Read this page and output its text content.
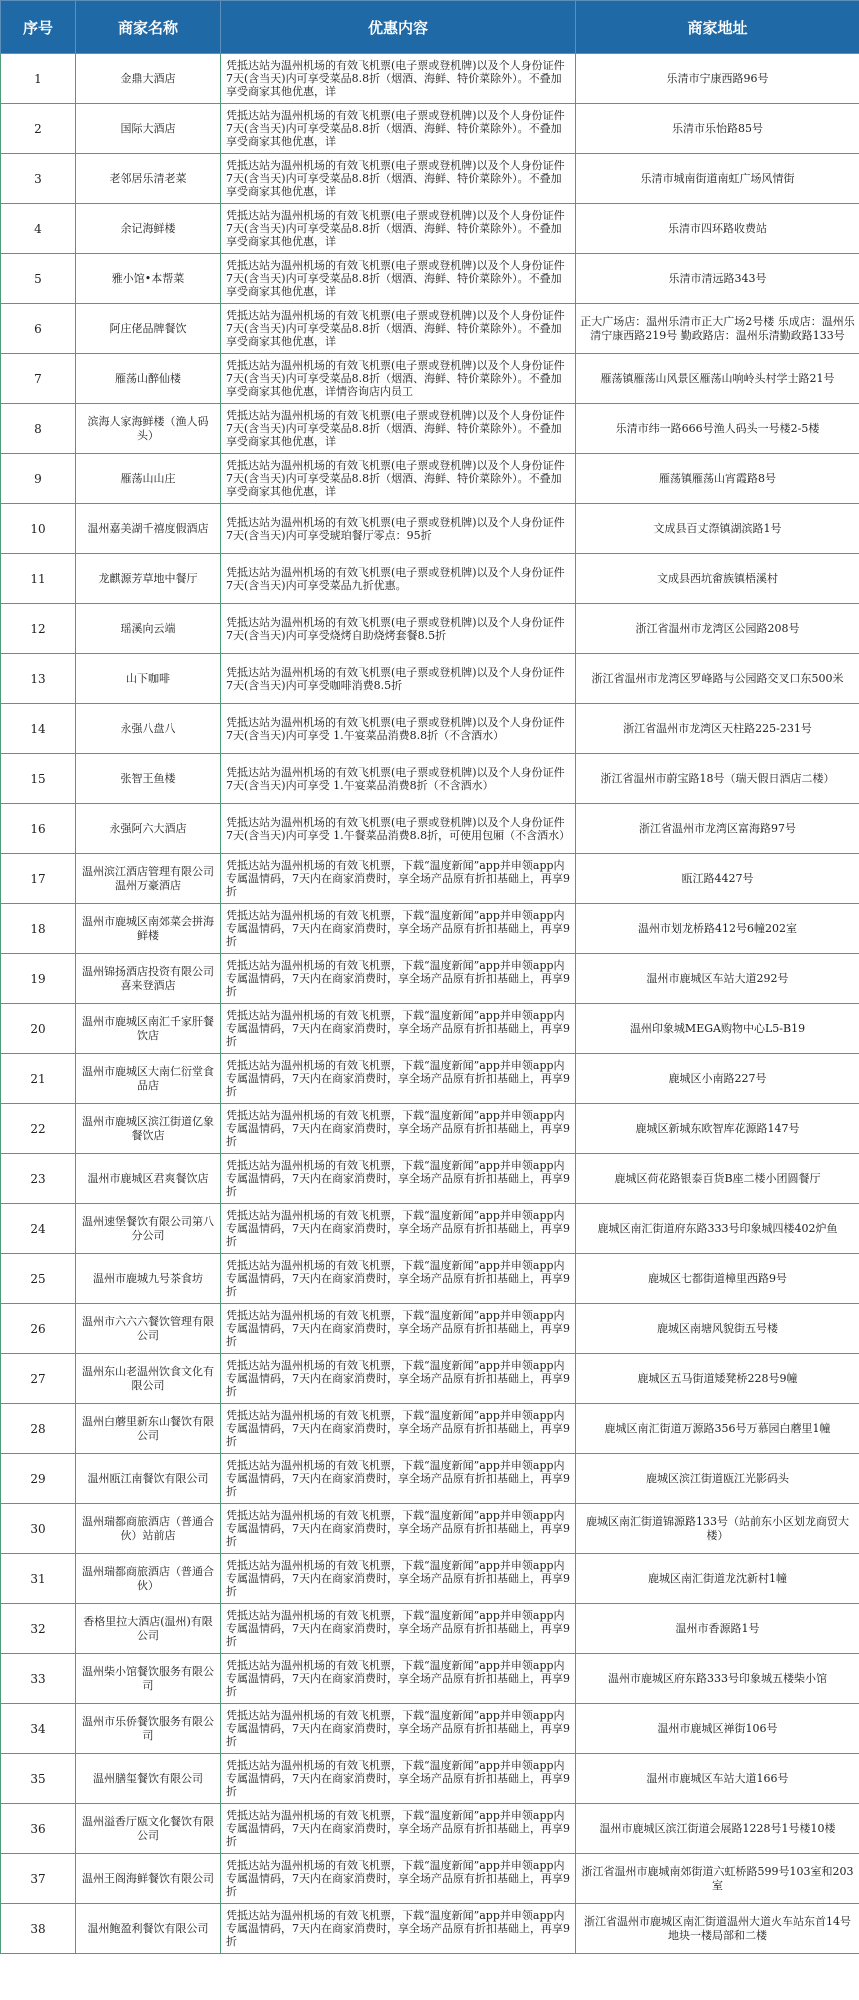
序号	商家名称	优惠内容	商家地址
1	金鼎大酒店	凭抵达站为温州机场的有效飞机票(电子票或登机牌)以及个人身份证件7天(含当天)内可享受菜品8.8折（烟酒、海鲜、特价菜除外）。不叠加享受商家其他优惠，详	乐清市宁康西路96号
2	国际大酒店	凭抵达站为温州机场的有效飞机票(电子票或登机牌)以及个人身份证件7天(含当天)内可享受菜品8.8折（烟酒、海鲜、特价菜除外）。不叠加享受商家其他优惠，详	乐清市乐怡路85号
3	老邻居乐清老菜	凭抵达站为温州机场的有效飞机票(电子票或登机牌)以及个人身份证件7天(含当天)内可享受菜品8.8折（烟酒、海鲜、特价菜除外）。不叠加享受商家其他优惠，详	乐清市城南街道南虹广场风情街
4	余记海鲜楼	凭抵达站为温州机场的有效飞机票(电子票或登机牌)以及个人身份证件7天(含当天)内可享受菜品8.8折（烟酒、海鲜、特价菜除外）。不叠加享受商家其他优惠，详	乐清市四环路收费站
5	雅小馆•本帮菜	凭抵达站为温州机场的有效飞机票(电子票或登机牌)以及个人身份证件7天(含当天)内可享受菜品8.8折（烟酒、海鲜、特价菜除外）。不叠加享受商家其他优惠，详	乐清市清远路343号
6	阿庄佬品牌餐饮	凭抵达站为温州机场的有效飞机票(电子票或登机牌)以及个人身份证件7天(含当天)内可享受菜品8.8折（烟酒、海鲜、特价菜除外）。不叠加享受商家其他优惠，详	正大广场店：温州乐清市正大广场2号楼 乐成店：温州乐清宁康西路219号 勤政路店：温州乐清勤政路133号
7	雁荡山醉仙楼	凭抵达站为温州机场的有效飞机票(电子票或登机牌)以及个人身份证件7天(含当天)内可享受菜品8.8折（烟酒、海鲜、特价菜除外）。不叠加享受商家其他优惠，详情咨询店内员工	雁荡镇雁荡山风景区雁荡山响岭头村学士路21号
8	滨海人家海鲜楼（渔人码头）	凭抵达站为温州机场的有效飞机票(电子票或登机牌)以及个人身份证件7天(含当天)内可享受菜品8.8折（烟酒、海鲜、特价菜除外）。不叠加享受商家其他优惠，详	乐清市纬一路666号渔人码头一号楼2-5楼
9	雁荡山山庄	凭抵达站为温州机场的有效飞机票(电子票或登机牌)以及个人身份证件7天(含当天)内可享受菜品8.8折（烟酒、海鲜、特价菜除外）。不叠加享受商家其他优惠，详	雁荡镇雁荡山宵霞路8号
10	温州嘉美湖千禧度假酒店	凭抵达站为温州机场的有效飞机票(电子票或登机牌)以及个人身份证件7天(含当天)内可享受琥珀餐厅零点：95折	文成县百丈漈镇湖滨路1号
11	龙麒源芳草地中餐厅	凭抵达站为温州机场的有效飞机票(电子票或登机牌)以及个人身份证件7天(含当天)内可享受菜品九折优惠。	文成县西坑畲族镇梧溪村
12	瑶溪向云端	凭抵达站为温州机场的有效飞机票(电子票或登机牌)以及个人身份证件7天(含当天)内可享受烧烤自助烧烤套餐8.5折	浙江省温州市龙湾区公园路208号
13	山下咖啡	凭抵达站为温州机场的有效飞机票(电子票或登机牌)以及个人身份证件7天(含当天)内可享受咖啡消费8.5折	浙江省温州市龙湾区罗峰路与公园路交叉口东500米
14	永强八盘八	凭抵达站为温州机场的有效飞机票(电子票或登机牌)以及个人身份证件7天(含当天)内可享受 1.午宴菜品消费8.8折（不含酒水）	浙江省温州市龙湾区天柱路225-231号
15	张智王鱼楼	凭抵达站为温州机场的有效飞机票(电子票或登机牌)以及个人身份证件7天(含当天)内可享受 1.午宴菜品消费8折（不含酒水）	浙江省温州市蔚宝路18号（瑞天假日酒店二楼）
16	永强阿六大酒店	凭抵达站为温州机场的有效飞机票(电子票或登机牌)以及个人身份证件7天(含当天)内可享受 1.午餐菜品消费8.8折，可使用包厢（不含酒水）	浙江省温州市龙湾区富海路97号
17	温州滨江酒店管理有限公司温州万豪酒店	凭抵达站为温州机场的有效飞机票，下载“温度新闻”app并申领app内专属温情码，7天内在商家消费时，享全场产品原有折扣基础上，再享9折	瓯江路4427号
18	温州市鹿城区南郊菜会拼海鲜楼	凭抵达站为温州机场的有效飞机票，下载“温度新闻”app并申领app内专属温情码，7天内在商家消费时，享全场产品原有折扣基础上，再享9折	温州市划龙桥路412号6幢202室
19	温州锦扬酒店投资有限公司喜来登酒店	凭抵达站为温州机场的有效飞机票，下载“温度新闻”app并申领app内专属温情码，7天内在商家消费时，享全场产品原有折扣基础上，再享9折	温州市鹿城区车站大道292号
20	温州市鹿城区南汇千家肝餐饮店	凭抵达站为温州机场的有效飞机票，下载“温度新闻”app并申领app内专属温情码，7天内在商家消费时，享全场产品原有折扣基础上，再享9折	温州印象城MEGA购物中心L5-B19
21	温州市鹿城区大南仁衍堂食品店	凭抵达站为温州机场的有效飞机票，下载“温度新闻”app并申领app内专属温情码，7天内在商家消费时，享全场产品原有折扣基础上，再享9折	鹿城区小南路227号
22	温州市鹿城区滨江街道亿象餐饮店	凭抵达站为温州机场的有效飞机票，下载“温度新闻”app并申领app内专属温情码，7天内在商家消费时，享全场产品原有折扣基础上，再享9折	鹿城区新城东欧智库花源路147号
23	温州市鹿城区君爽餐饮店	凭抵达站为温州机场的有效飞机票，下载“温度新闻”app并申领app内专属温情码，7天内在商家消费时，享全场产品原有折扣基础上，再享9折	鹿城区荷花路银泰百货B座二楼小团圆餐厅
24	温州速堡餐饮有限公司第八分公司	凭抵达站为温州机场的有效飞机票，下载“温度新闻”app并申领app内专属温情码，7天内在商家消费时，享全场产品原有折扣基础上，再享9折	鹿城区南汇街道府东路333号印象城四楼402炉鱼
25	温州市鹿城九号茶食坊	凭抵达站为温州机场的有效飞机票，下载“温度新闻”app并申领app内专属温情码，7天内在商家消费时，享全场产品原有折扣基础上，再享9折	鹿城区七都街道樟里西路9号
26	温州市六六六餐饮管理有限公司	凭抵达站为温州机场的有效飞机票，下载“温度新闻”app并申领app内专属温情码，7天内在商家消费时，享全场产品原有折扣基础上，再享9折	鹿城区南塘风貌街五号楼
27	温州东山老温州饮食文化有限公司	凭抵达站为温州机场的有效飞机票，下载“温度新闻”app并申领app内专属温情码，7天内在商家消费时，享全场产品原有折扣基础上，再享9折	鹿城区五马街道矮凳桥228号9幢
28	温州白蘑里新东山餐饮有限公司	凭抵达站为温州机场的有效飞机票，下载“温度新闻”app并申领app内专属温情码，7天内在商家消费时，享全场产品原有折扣基础上，再享9折	鹿城区南汇街道万源路356号万慕园白蘑里1幢
29	温州瓯江南餐饮有限公司	凭抵达站为温州机场的有效飞机票，下载“温度新闻”app并申领app内专属温情码，7天内在商家消费时，享全场产品原有折扣基础上，再享9折	鹿城区滨江街道瓯江光影码头
30	温州瑞都商旅酒店（普通合伙）站前店	凭抵达站为温州机场的有效飞机票，下载“温度新闻”app并申领app内专属温情码，7天内在商家消费时，享全场产品原有折扣基础上，再享9折	鹿城区南汇街道锦源路133号（站前东小区划龙商贸大楼）
31	温州瑞都商旅酒店（普通合伙）	凭抵达站为温州机场的有效飞机票，下载“温度新闻”app并申领app内专属温情码，7天内在商家消费时，享全场产品原有折扣基础上，再享9折	鹿城区南汇街道龙沈新村1幢
32	香格里拉大酒店(温州)有限公司	凭抵达站为温州机场的有效飞机票，下载“温度新闻”app并申领app内专属温情码，7天内在商家消费时，享全场产品原有折扣基础上，再享9折	温州市香源路1号
33	温州柴小馆餐饮服务有限公司	凭抵达站为温州机场的有效飞机票，下载“温度新闻”app并申领app内专属温情码，7天内在商家消费时，享全场产品原有折扣基础上，再享9折	温州市鹿城区府东路333号印象城五楼柴小馆
34	温州市乐侨餐饮服务有限公司	凭抵达站为温州机场的有效飞机票，下载“温度新闻”app并申领app内专属温情码，7天内在商家消费时，享全场产品原有折扣基础上，再享9折	温州市鹿城区禅街106号
35	温州膳玺餐饮有限公司	凭抵达站为温州机场的有效飞机票，下载“温度新闻”app并申领app内专属温情码，7天内在商家消费时，享全场产品原有折扣基础上，再享9折	温州市鹿城区车站大道166号
36	温州溢香厅瓯文化餐饮有限公司	凭抵达站为温州机场的有效飞机票，下载“温度新闻”app并申领app内专属温情码，7天内在商家消费时，享全场产品原有折扣基础上，再享9折	温州市鹿城区滨江街道会展路1228号1号楼10楼
37	温州王阁海鲜餐饮有限公司	凭抵达站为温州机场的有效飞机票，下载“温度新闻”app并申领app内专属温情码，7天内在商家消费时，享全场产品原有折扣基础上，再享9折	浙江省温州市鹿城南郊街道六虹桥路599号103室和203室
38	温州鲍盈利餐饮有限公司	凭抵达站为温州机场的有效飞机票，下载“温度新闻”app并申领app内专属温情码，7天内在商家消费时，享全场产品原有折扣基础上，再享9折	浙江省温州市鹿城区南汇街道温州大道火车站东首14号地块一楼局部和二楼
